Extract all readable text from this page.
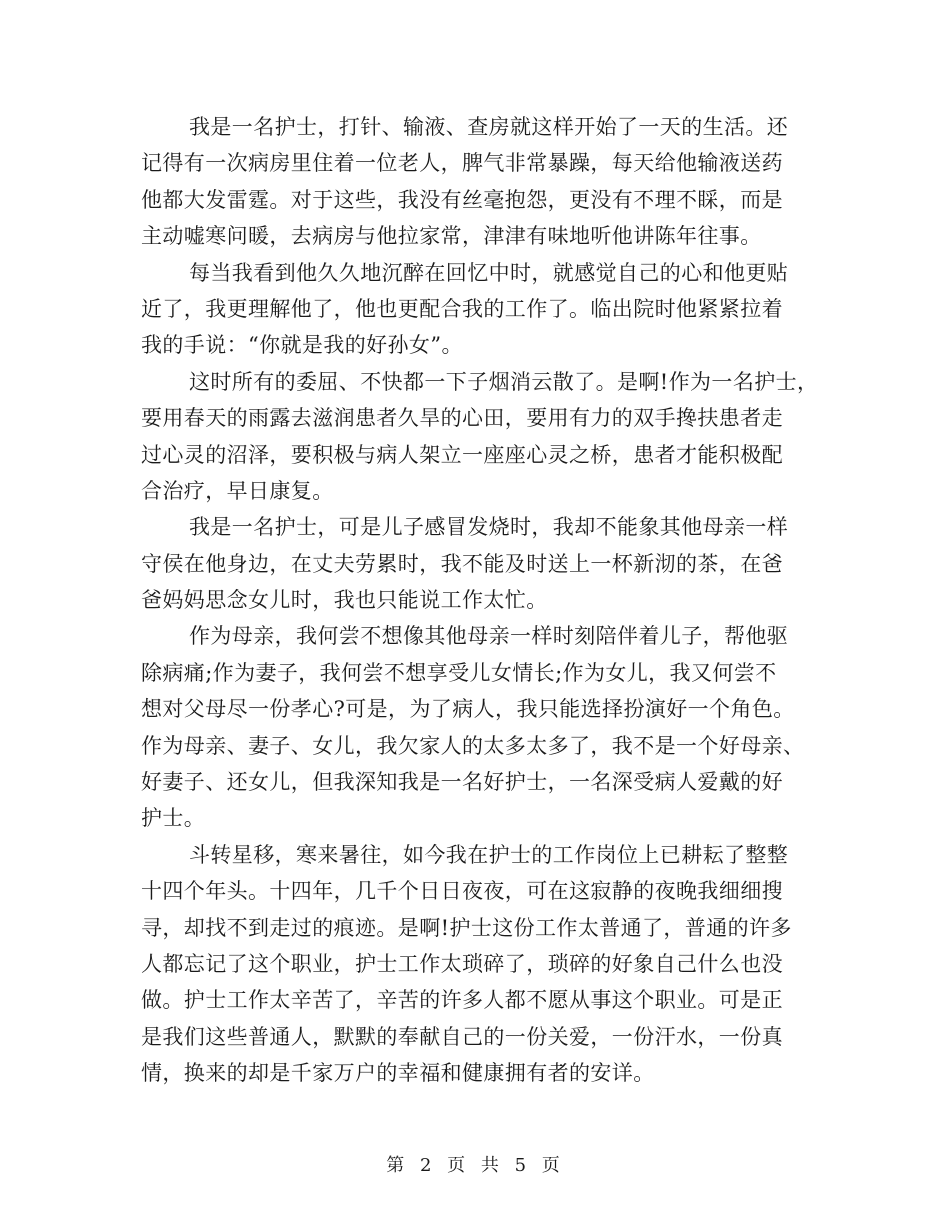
我是一名护士，打针、输液、查房就这样开始了一天的生活。还
记得有一次病房里住着一位老人，脾气非常暴躁，每天给他输液送药
他都大发雷霆。对于这些，我没有丝毫抱怨，更没有不理不睬，而是
主动嘘寒问暖，去病房与他拉家常，津津有味地听他讲陈年往事。
每当我看到他久久地沉醉在回忆中时，就感觉自己的心和他更贴
近了，我更理解他了，他也更配合我的工作了。临出院时他紧紧拉着
我的手说：“你就是我的好孙女”。
这时所有的委屈、不快都一下子烟消云散了。是啊!作为一名护士，
要用春天的雨露去滋润患者久旱的心田，要用有力的双手搀扶患者走
过心灵的沼泽，要积极与病人架立一座座心灵之桥，患者才能积极配
合治疗，早日康复。
我是一名护士，可是儿子感冒发烧时，我却不能象其他母亲一样
守侯在他身边，在丈夫劳累时，我不能及时送上一杯新沏的茶，在爸
爸妈妈思念女儿时，我也只能说工作太忙。
作为母亲，我何尝不想像其他母亲一样时刻陪伴着儿子，帮他驱
除病痛;作为妻子，我何尝不想享受儿女情长;作为女儿，我又何尝不
想对父母尽一份孝心?可是，为了病人，我只能选择扮演好一个角色。
作为母亲、妻子、女儿，我欠家人的太多太多了，我不是一个好母亲、
好妻子、还女儿，但我深知我是一名好护士，一名深受病人爱戴的好
护士。
斗转星移，寒来暑往，如今我在护士的工作岗位上已耕耘了整整
十四个年头。十四年，几千个日日夜夜，可在这寂静的夜晚我细细搜
寻，却找不到走过的痕迹。是啊!护士这份工作太普通了，普通的许多
人都忘记了这个职业，护士工作太琐碎了，琐碎的好象自己什么也没
做。护士工作太辛苦了，辛苦的许多人都不愿从事这个职业。可是正
是我们这些普通人，默默的奉献自己的一份关爱，一份汗水，一份真
情，换来的却是千家万户的幸福和健康拥有者的安详。
第 2 页 共 5 页
